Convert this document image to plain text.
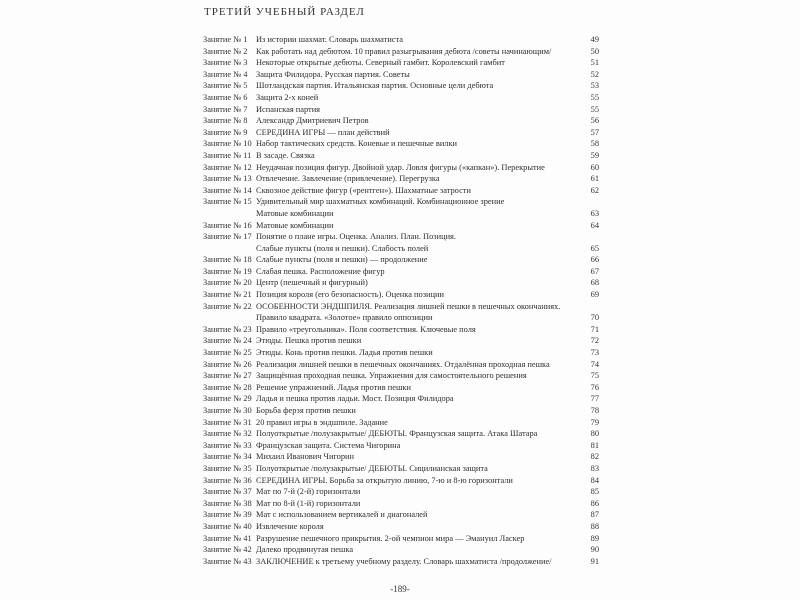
ТРЕТИЙ УЧЕБНЫЙ РАЗДЕЛ
Занятие № 1	Из истории шахмат. Словарь шахматиста	49
Занятие № 2	Как работать над дебютом. 10 правил разыгрывания дебюта /советы начинающим/	50
Занятие № 3	Некоторые открытые дебюты. Северный гамбит. Королевский гамбит	51
Занятие № 4	Защита Филидора. Русская партия. Советы	52
Занятие № 5	Шотландская партия. Итальянская партия. Основные цели дебюта	53
Занятие № 6	Защита 2-х коней	55
Занятие № 7	Испанская партия	55
Занятие № 8	Александр Дмитриевич Петров	56
Занятие № 9	СЕРЕДИНА ИГРЫ — план действий	57
Занятие № 10 Набор тактических средств. Коневые и пешечные вилки	58
Занятие № 11 В засаде. Связка	59
Занятие № 12 Неудачная позиция фигур. Двойной удар. Ловля фигуры («капкан»). Перекрытие	60
Занятие № 13 Отвлечение. Завлечение (привлечение). Перегрузка	61
Занятие № 14 Сквозное действие фигур («рентген»). Шахматные затрости	62
Занятие № 15 Удивительный мир шахматных комбинаций. Комбинационное зрение
Матовые комбинации	63
Занятие № 16 Матовые комбинации	64
Занятие № 17 Понятие о плане игры. Оценка. Анализ. План. Позиция.
Слабые пункты (поля и пешки). Слабость полей	65
Занятие № 18 Слабые пункты (поля и пешки) — продолжение	66
Занятие № 19 Слабая пешка. Расположение фигур	67
Занятие № 20 Центр (пешечный и фигурный)	68
Занятие № 21 Позиция короля (его безопасность). Оценка позиции	69
Занятие № 22 ОСОБЕННОСТИ ЭНДШПИЛЯ. Реализация лишней пешки в пешечных окончаниях.
Правило квадрата. «Золотое» правило оппозиции	70
Занятие № 23 Правило «треугольника». Поля соответствия. Ключевые поля	71
Занятие № 24 Этюды. Пешка против пешки	72
Занятие № 25 Этюды. Конь против пешки. Ладья против пешки	73
Занятие № 26 Реализация лишней пешки в пешечных окончаниях. Отдалённая проходная пешка	74
Занятие № 27 Защищённая проходная пешка. Упражнения для самостоятельного решения	75
Занятие № 28 Решение упражнений. Ладья против пешки	76
Занятие № 29 Ладья и пешка против ладьи. Мост. Позиция Филидора	77
Занятие № 30 Борьба ферзя против пешки	78
Занятие № 31 20 правил игры в эндшпиле. Задание	79
Занятие № 32 Полуоткрытые /полузакрытые/ ДЕБЮТЫ. Французская защита. Атака Шатара	80
Занятие № 33 Французская защита. Система Чигорина	81
Занятие № 34 Михаил Иванович Чигорин	82
Занятие № 35 Полуоткрытые /полузакрытые/ ДЕБЮТЫ. Сицилианская защита	83
Занятие № 36 СЕРЕДИНА ИГРЫ. Борьба за открытую линию, 7-ю и 8-ю горизонтали	84
Занятие № 37 Мат по 7-й (2-й) горизонтали	85
Занятие № 38 Мат по 8-й (1-й) горизонтали	86
Занятие № 39 Мат с использованием вертикалей и диагоналей	87
Занятие № 40 Извлечение короля	88
Занятие № 41 Разрушение пешечного прикрытия. 2-ой чемпион мира — Эмануил Ласкер	89
Занятие № 42 Далеко продвинутая пешка	90
Занятие № 43 ЗАКЛЮЧЕНИЕ к третьему учебному разделу. Словарь шахматиста /продолжение/	91
-189-
